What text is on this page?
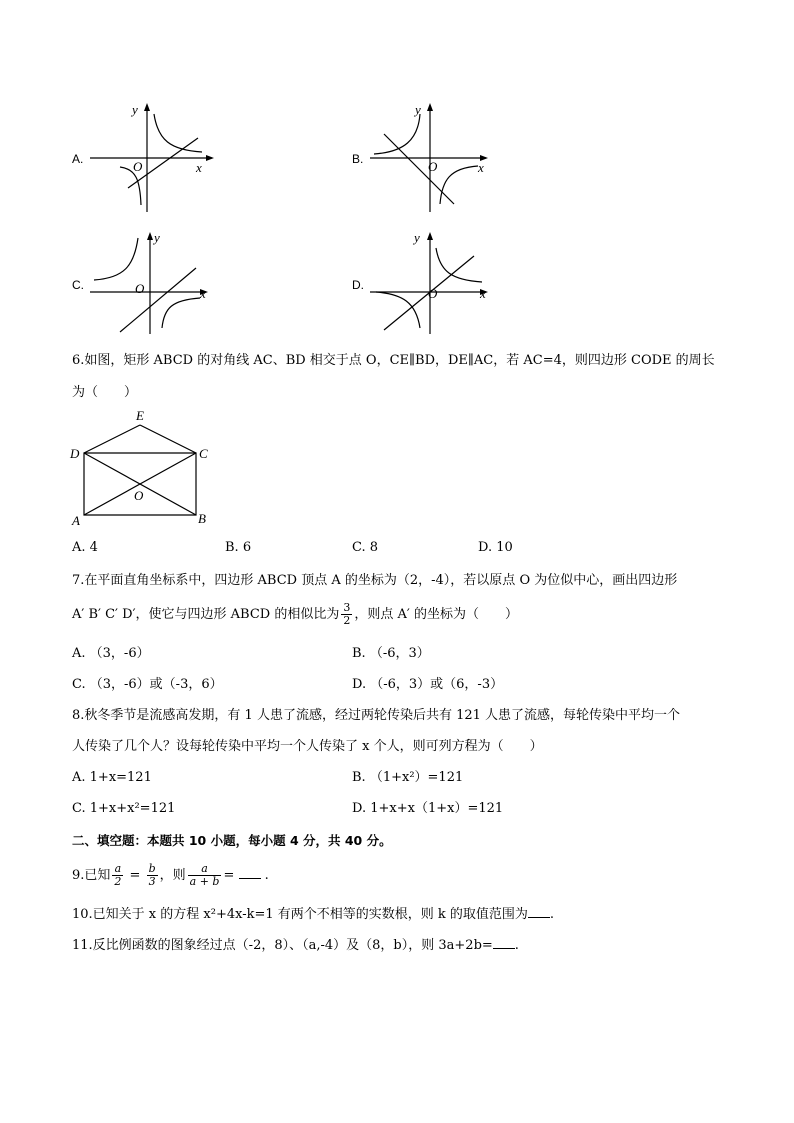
A.
y
x
O	B.
y
x
O
C.
y
x
O	D.
y
x
O
6.如图，矩形 ABCD 的对角线 AC、BD 相交于点 O，CE∥BD，DE∥AC，若 AC=4，则四边形 CODE 的周长
为（　　）
E
D	C
O
A	B
A. 4	B. 6	C. 8	D. 10
7.在平面直角坐标系中，四边形 ABCD 顶点 A 的坐标为（2，-4），若以原点 O 为位似中心，画出四边形
A′ B′ C′ D′，使它与四边形 ABCD 的相似比为 $\frac{3}{2}$ ，则点 A′ 的坐标为（　　）
A. （3，-6）	B. （-6，3）
C. （3，-6）或（-3，6）	D. （-6，3）或（6，-3）
8.秋冬季节是流感高发期，有 1 人患了流感，经过两轮传染后共有 121 人患了流感，每轮传染中平均一个
人传染了几个人？设每轮传染中平均一个人传染了 x 个人，则可列方程为（　　）
A. 1+x=121	B. （1+x²）=121
C. 1+x+x²=121	D. 1+x+x（1+x）=121
二、填空题：本题共 10 小题，每小题 4 分，共 40 分。
9.已知 $\frac{a}{2} = \frac{b}{3}$ ，则 $\frac{a}{a + b}$ =  .
10.已知关于 x 的方程 x²+4x-k=1 有两个不相等的实数根，则 k 的取值范围为 .
11.反比例函数的图象经过点（-2，8）、（a,-4）及（8，b），则 3a+2b= .
